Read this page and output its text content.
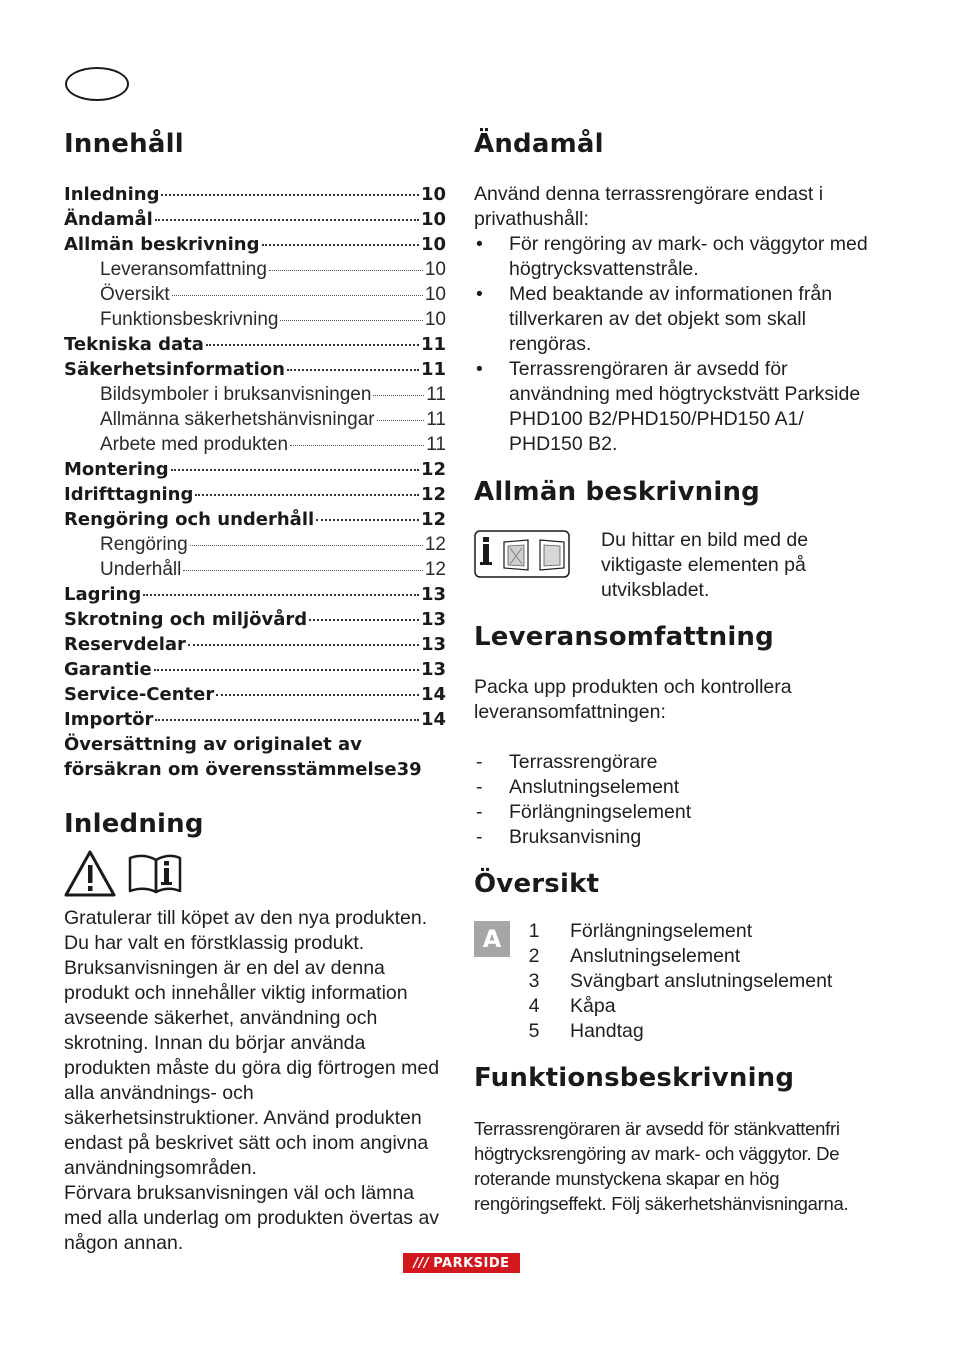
Innehåll
Inledning	10
Ändamål	10
Allmän beskrivning	10
Leveransomfattning	10
Översikt	10
Funktionsbeskrivning	10
Tekniska data	11
Säkerhetsinformation	11
Bildsymboler i bruksanvisningen	11
Allmänna säkerhetshänvisningar	11
Arbete med produkten	11
Montering	12
Idrifttagning	12
Rengöring och underhåll	12
Rengöring	12
Underhåll	12
Lagring	13
Skrotning och miljövård	13
Reservdelar	13
Garantie	13
Service-Center	14
Importör	14
Översättning av originalet av
försäkran om överensstämmelse 39
Inledning

Gratulerar till köpet av den nya produkten. Du har valt en förstklassig produkt. Bruksanvisningen är en del av denna produkt och innehåller viktig information avseende säkerhet, användning och skrotning. Innan du börjar använda produkten måste du göra dig förtrogen med alla användnings- och säkerhetsinstruktioner. Använd produkten endast på beskrivet sätt och inom angivna användningsområden.

Förvara bruksanvisningen väl och lämna med alla underlag om produkten övertas av någon annan.

Ändamål

Använd denna terrassrengörare endast i privathushåll:

• För rengöring av mark- och väggytor med högtrycksvattenstråle.
• Med beaktande av informationen från tillverkaren av det objekt som skall rengöras.
• Terrassrengöraren är avsedd för användning med högtryckstvätt Parkside PHD100 B2/PHD150/PHD150 A1/ PHD150 B2.
Allmän beskrivning

Du hittar en bild med de viktigaste elementen på utviksbladet.

Leveransomfattning

Packa upp produkten och kontrollera leveransomfattningen:

- Terrassrengörare
- Anslutningselement
- Förlängningselement
- Bruksanvisning
Översikt
A	1	Förlängningselement
2	Anslutningselement
3	Svängbart anslutningselement
4	Kåpa
5	Handtag
Funktionsbeskrivning

Terrassrengöraren är avsedd för stänkvattenfri högtrycksrengöring av mark- och väggytor. De roterande munstyckena skapar en hög rengöringseffekt. Följ säkerhetshänvisningarna.

/// PARKSIDE
